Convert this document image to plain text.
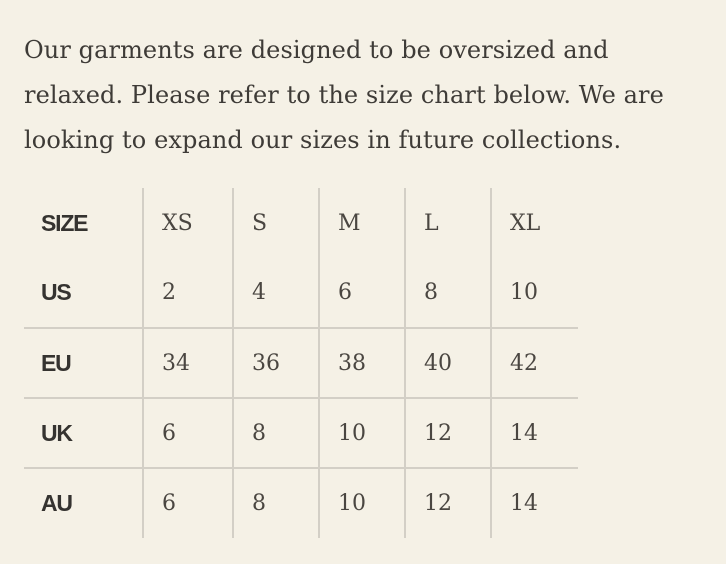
Our garments are designed to be oversized and relaxed. Please refer to the size chart below. We are looking to expand our sizes in future collections.

SIZE	XS	S	M	L	XL
US	2	4	6	8	10
EU	34	36	38	40	42
UK	6	8	10	12	14
AU	6	8	10	12	14
